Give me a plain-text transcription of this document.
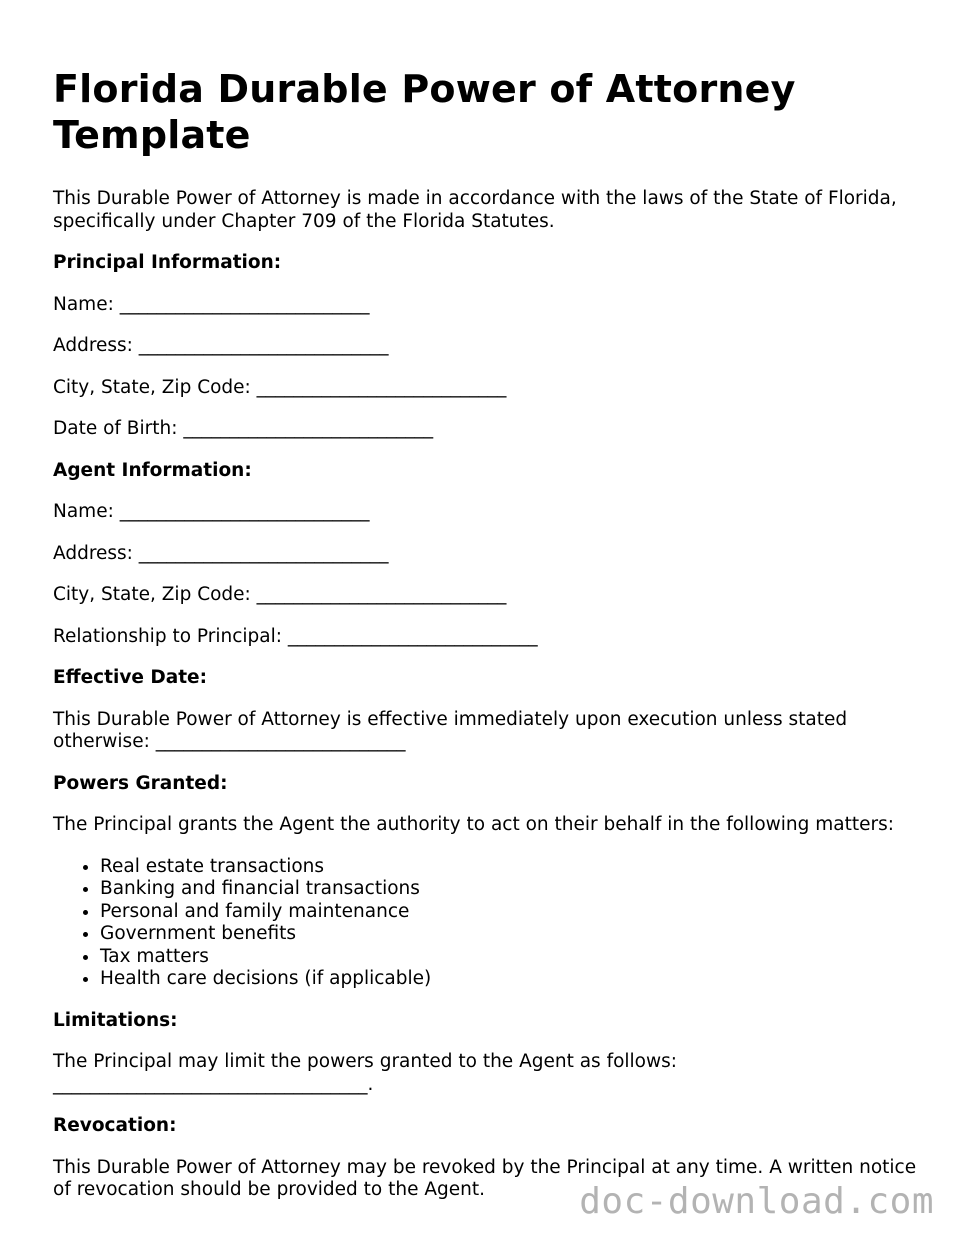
Florida Durable Power of Attorney Template

This Durable Power of Attorney is made in accordance with the laws of the State of Florida, specifically under Chapter 709 of the Florida Statutes.

Principal Information:

Name: ___________________________

Address: ___________________________

City, State, Zip Code: ___________________________

Date of Birth: ___________________________

Agent Information:

Name: ___________________________

Address: ___________________________

City, State, Zip Code: ___________________________

Relationship to Principal: ___________________________

Effective Date:

This Durable Power of Attorney is effective immediately upon execution unless stated otherwise: ___________________________

Powers Granted:

The Principal grants the Agent the authority to act on their behalf in the following matters:

• Real estate transactions
• Banking and financial transactions
• Personal and family maintenance
• Government benefits
• Tax matters
• Health care decisions (if applicable)

Limitations:

The Principal may limit the powers granted to the Agent as follows: __________________________________.

Revocation:

This Durable Power of Attorney may be revoked by the Principal at any time. A written notice of revocation should be provided to the Agent.	doc-download.com
